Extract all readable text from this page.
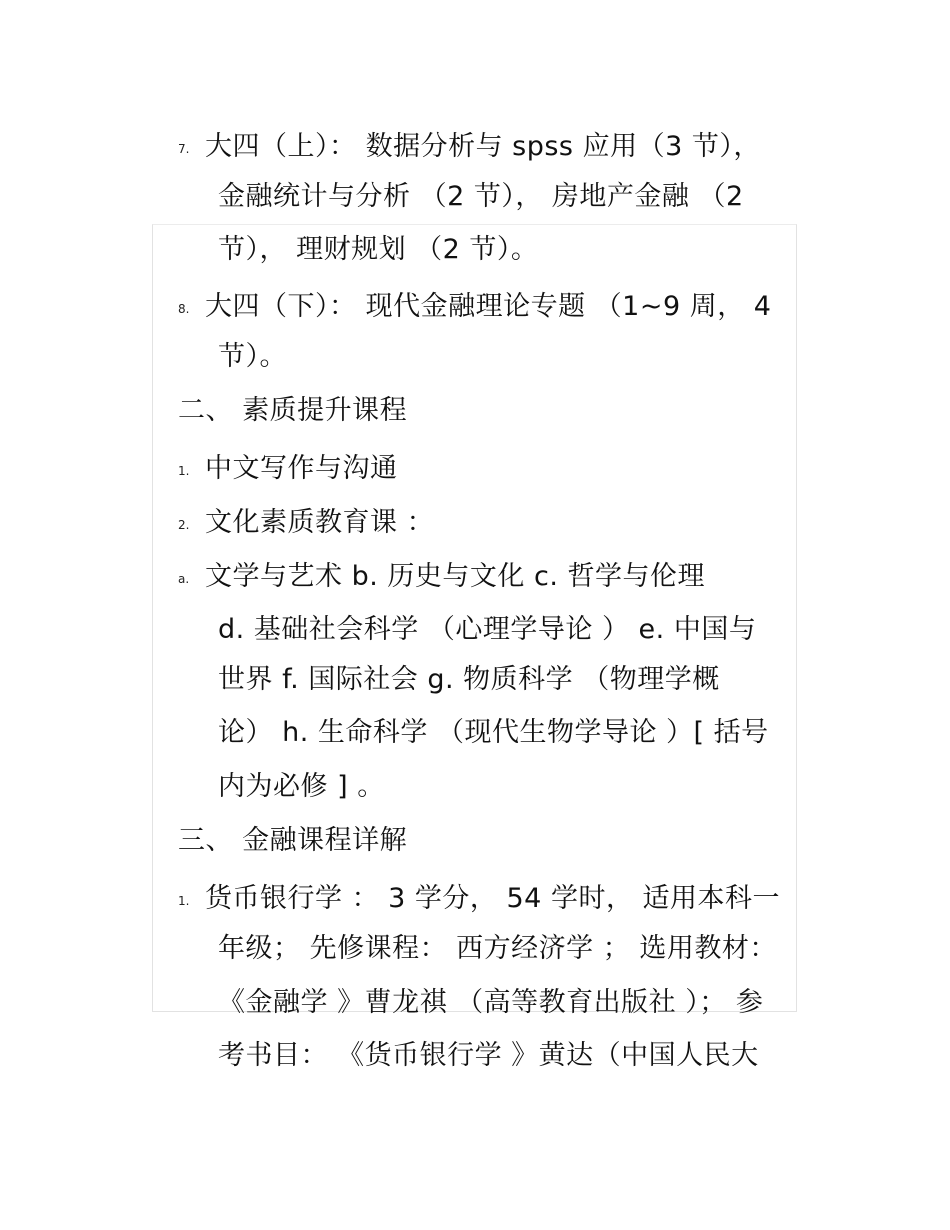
7. 大四（上）： 数据分析与 spss 应用（3 节），
金融统计与分析 （2 节）， 房地产金融 （2
节）， 理财规划 （2 节）。
8. 大四（下）： 现代金融理论专题 （1~9 周， 4
节）。
二、 素质提升课程
1. 中文写作与沟通
2. 文化素质教育课 ：
a. 文学与艺术 b. 历史与文化 c. 哲学与伦理
d. 基础社会科学 （心理学导论 ） e. 中国与
世界 f. 国际社会 g. 物质科学 （物理学概
论） h. 生命科学 （现代生物学导论 ）[ 括号
内为必修 ] 。
三、 金融课程详解
1. 货币银行学 ： 3 学分， 54 学时， 适用本科一
年级； 先修课程： 西方经济学 ； 选用教材：
《金融学 》曹龙祺 （高等教育出版社 ）； 参
考书目： 《货币银行学 》黄达（中国人民大
